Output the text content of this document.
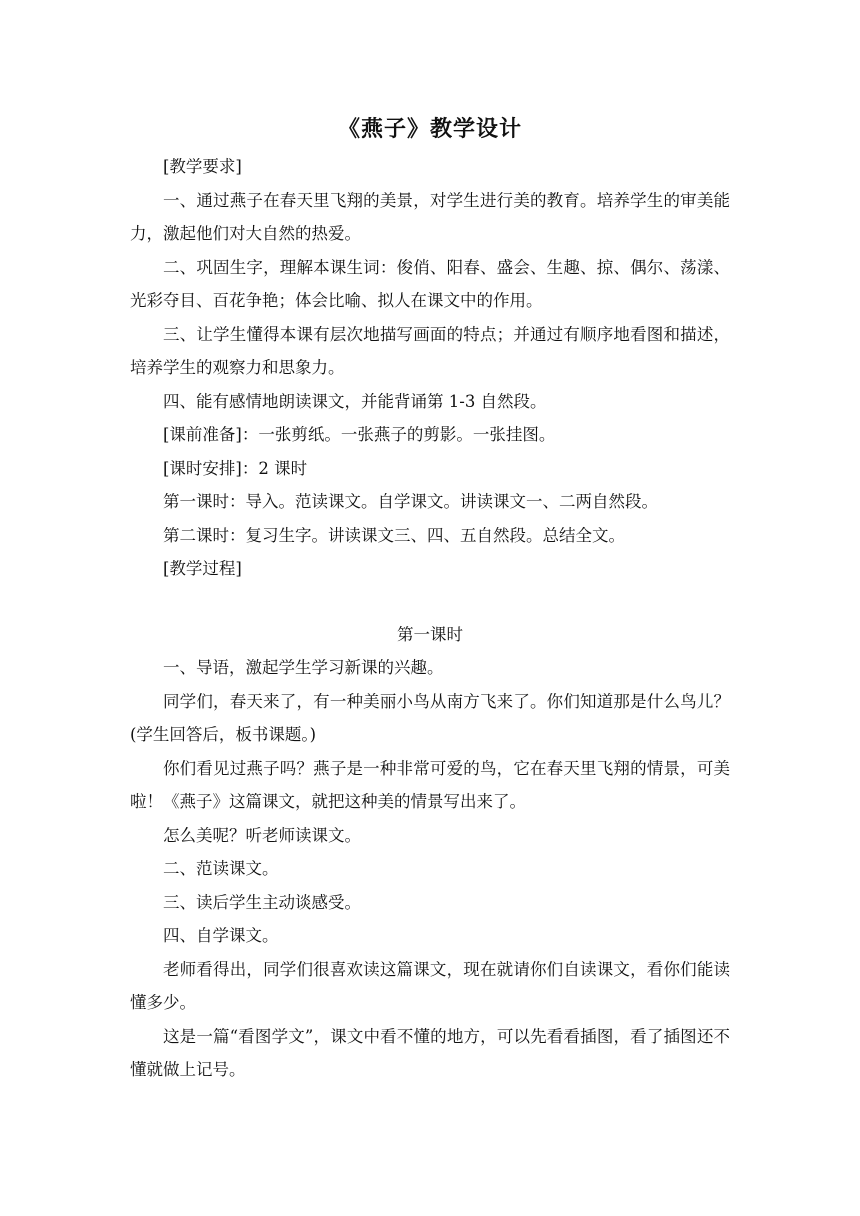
《燕子》教学设计

[教学要求]

一、通过燕子在春天里飞翔的美景，对学生进行美的教育。培养学生的审美能力，激起他们对大自然的热爱。

二、巩固生字，理解本课生词：俊俏、阳春、盛会、生趣、掠、偶尔、荡漾、光彩夺目、百花争艳；体会比喻、拟人在课文中的作用。

三、让学生懂得本课有层次地描写画面的特点；并通过有顺序地看图和描述，培养学生的观察力和思象力。

四、能有感情地朗读课文，并能背诵第 1-3 自然段。

[课前准备]：一张剪纸。一张燕子的剪影。一张挂图。

[课时安排]：2 课时

第一课时：导入。范读课文。自学课文。讲读课文一、二两自然段。

第二课时：复习生字。讲读课文三、四、五自然段。总结全文。

[教学过程]

第一课时

一、导语，激起学生学习新课的兴趣。

同学们，春天来了，有一种美丽小鸟从南方飞来了。你们知道那是什么鸟儿？(学生回答后，板书课题。)

你们看见过燕子吗？燕子是一种非常可爱的鸟，它在春天里飞翔的情景，可美啦！《燕子》这篇课文，就把这种美的情景写出来了。

怎么美呢？听老师读课文。

二、范读课文。

三、读后学生主动谈感受。

四、自学课文。

老师看得出，同学们很喜欢读这篇课文，现在就请你们自读课文，看你们能读懂多少。

这是一篇“看图学文”，课文中看不懂的地方，可以先看看插图，看了插图还不懂就做上记号。
